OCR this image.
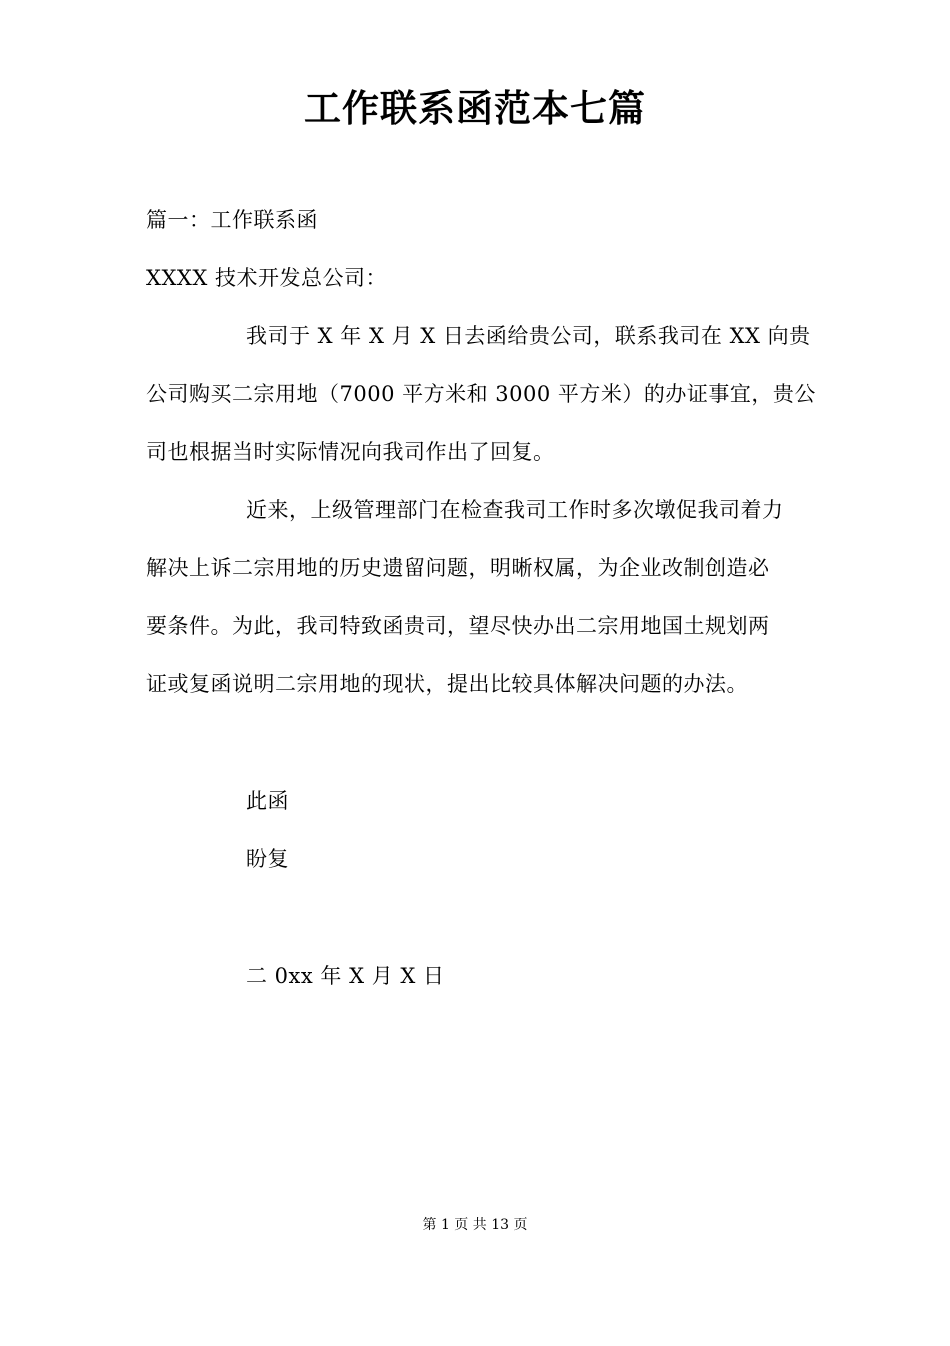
工作联系函范本七篇
篇一：工作联系函
XXXX 技术开发总公司：
我司于 X 年 X 月 X 日去函给贵公司，联系我司在 XX 向贵
公司购买二宗用地（7000 平方米和 3000 平方米）的办证事宜，贵公
司也根据当时实际情况向我司作出了回复。
近来，上级管理部门在检查我司工作时多次墩促我司着力
解决上诉二宗用地的历史遗留问题，明晰权属，为企业改制创造必
要条件。为此，我司特致函贵司，望尽快办出二宗用地国土规划两
证或复函说明二宗用地的现状，提出比较具体解决问题的办法。
此函
盼复
二 0xx 年 X 月 X 日
第 1 页 共 13 页
